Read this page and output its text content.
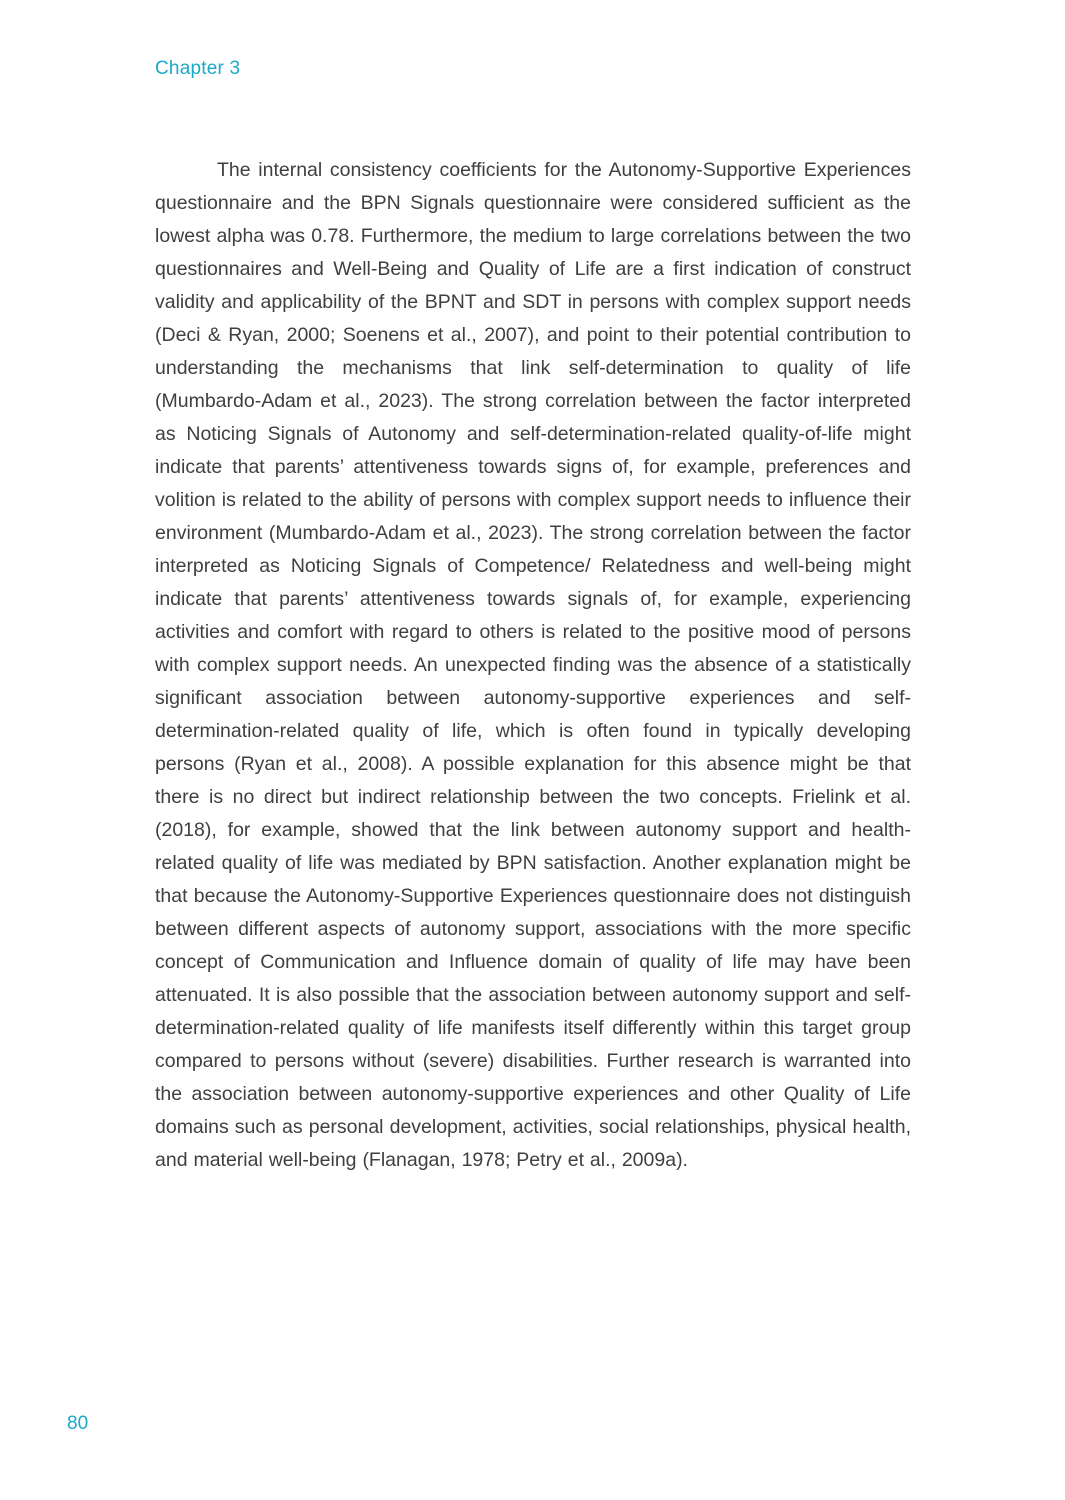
Chapter 3

The internal consistency coefficients for the Autonomy-Supportive Experiences questionnaire and the BPN Signals questionnaire were considered sufficient as the lowest alpha was 0.78. Furthermore, the medium to large correlations between the two questionnaires and Well-Being and Quality of Life are a first indication of construct validity and applicability of the BPNT and SDT in persons with complex support needs (Deci & Ryan, 2000; Soenens et al., 2007), and point to their potential contribution to understanding the mechanisms that link self-determination to quality of life (Mumbardo-Adam et al., 2023). The strong correlation between the factor interpreted as Noticing Signals of Autonomy and self-determination-related quality-of-life might indicate that parents’ attentiveness towards signs of, for example, preferences and volition is related to the ability of persons with complex support needs to influence their environment (Mumbardo-Adam et al., 2023). The strong correlation between the factor interpreted as Noticing Signals of Competence/ Relatedness and well-being might indicate that parents’ attentiveness towards signals of, for example, experiencing activities and comfort with regard to others is related to the positive mood of persons with complex support needs. An unexpected finding was the absence of a statistically significant association between autonomy-supportive experiences and self-determination-related quality of life, which is often found in typically developing persons (Ryan et al., 2008). A possible explanation for this absence might be that there is no direct but indirect relationship between the two concepts. Frielink et al. (2018), for example, showed that the link between autonomy support and health-related quality of life was mediated by BPN satisfaction. Another explanation might be that because the Autonomy-Supportive Experiences questionnaire does not distinguish between different aspects of autonomy support, associations with the more specific concept of Communication and Influence domain of quality of life may have been attenuated. It is also possible that the association between autonomy support and self-determination-related quality of life manifests itself differently within this target group compared to persons without (severe) disabilities. Further research is warranted into the association between autonomy-supportive experiences and other Quality of Life domains such as personal development, activities, social relationships, physical health, and material well-being (Flanagan, 1978; Petry et al., 2009a).

80
